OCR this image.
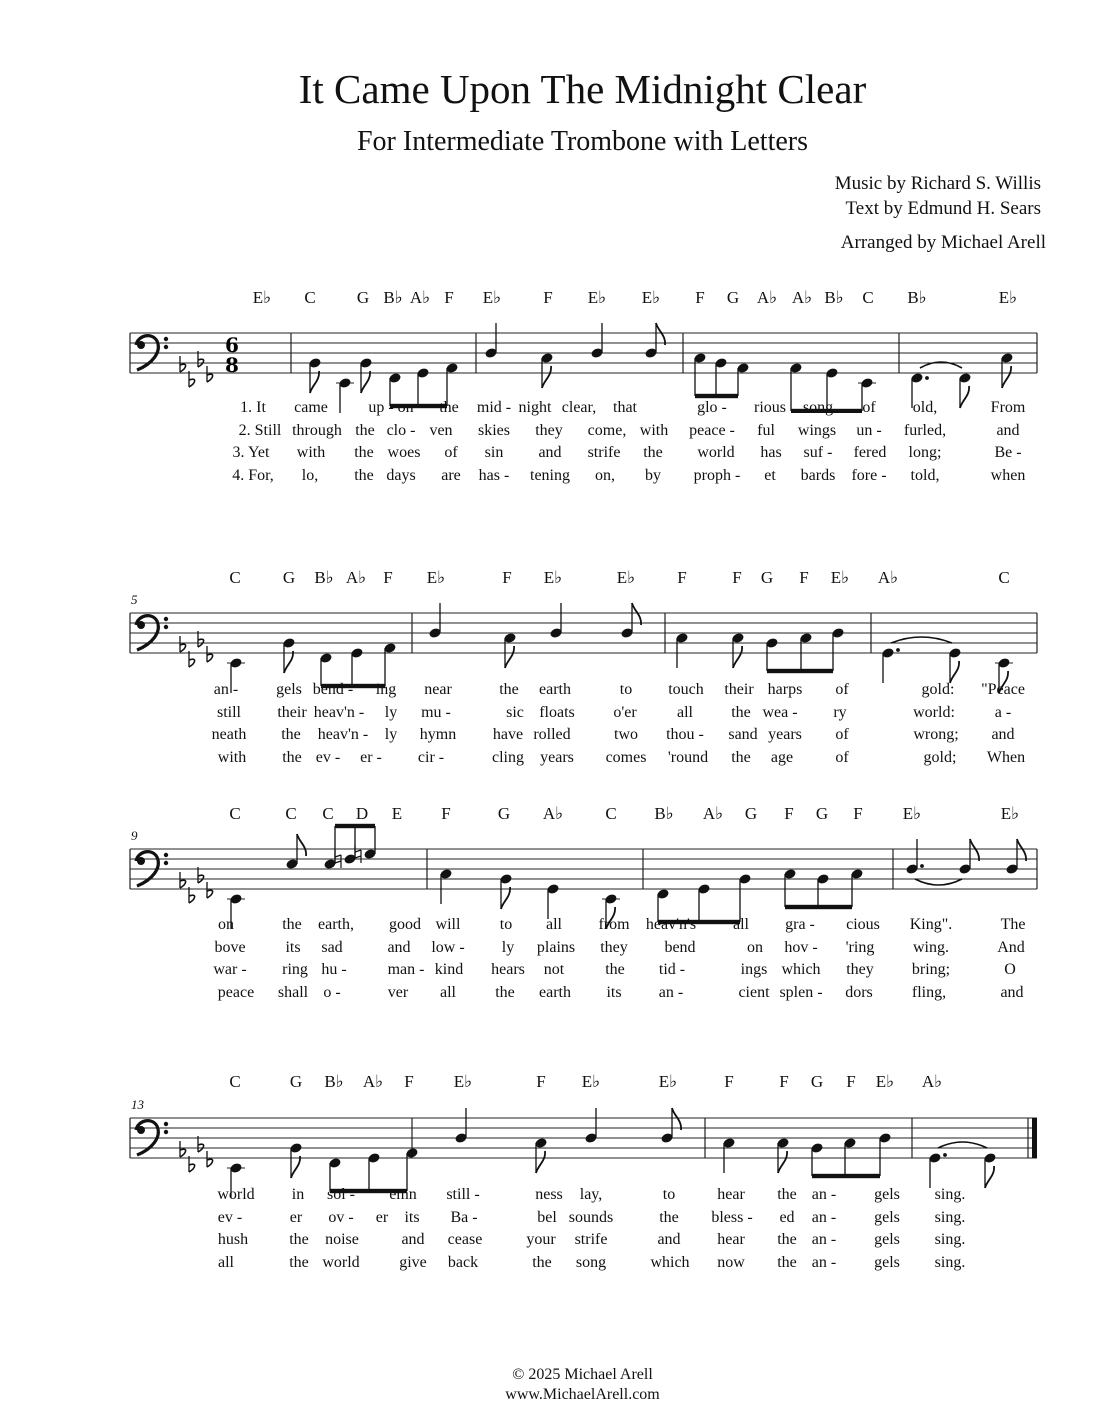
It Came Upon The Midnight Clear
For Intermediate Trombone with Letters
Music by Richard S. Willis
Text by Edmund H. Sears
Arranged by Michael Arell
E♭ C G B♭ A♭ F E♭ F E♭ E♭ F G A♭ A♭ B♭ C B♭	E♭
6
8
1. It came	up - on the mid - night clear, that	glo - rious song of old,	From
2. Still through the clo - ven skies they come, with peace - ful wings un - furled,	and
3. Yet with the woes of sin and strife the world has suf - fered long;	Be -
4. For, lo, the days are has - tening on, by proph - et bards fore - told,	when
C G B♭ A♭ F E♭	F E♭	E♭ F	F G F E♭ A♭	C
5
an - gels bend - ing near	the earth	to touch their harps of	gold: "Peace
still their heav'n - ly mu -	sic floats o'er	all the wea - ry	world: a -
neath the heav'n - ly hymn have rolled	two thou - sand years of	wrong; and
with the ev - er - cir -	cling years comes 'round the age	of	gold; When
C	C C D E F	G A♭ C B♭ A♭ G F G F E♭	E♭
9
on	the earth, good will to all from heav'n's all gra - cious King".	The
bove its sad	and low - ly plains they bend	on hov - 'ring wing.	And
war - ring hu -	man - kind hears not	the tid -	ings which they bring;	O
peace shall o -	ver all the earth its an -	cient splen - dors fling,	and
C	G B♭ A♭ F E♭	F E♭	E♭	F	F G F E♭ A♭
13
world in sol - emn still -	ness lay,	to	hear the an - gels sing.
ev -	er ov - er its Ba -	bel sounds	the bless - ed an - gels sing.
hush	the noise	and cease	your strife	and hear the an - gels sing.
all	the world give back	the song	which now the an - gels sing.
© 2025 Michael Arell
www.MichaelArell.com
